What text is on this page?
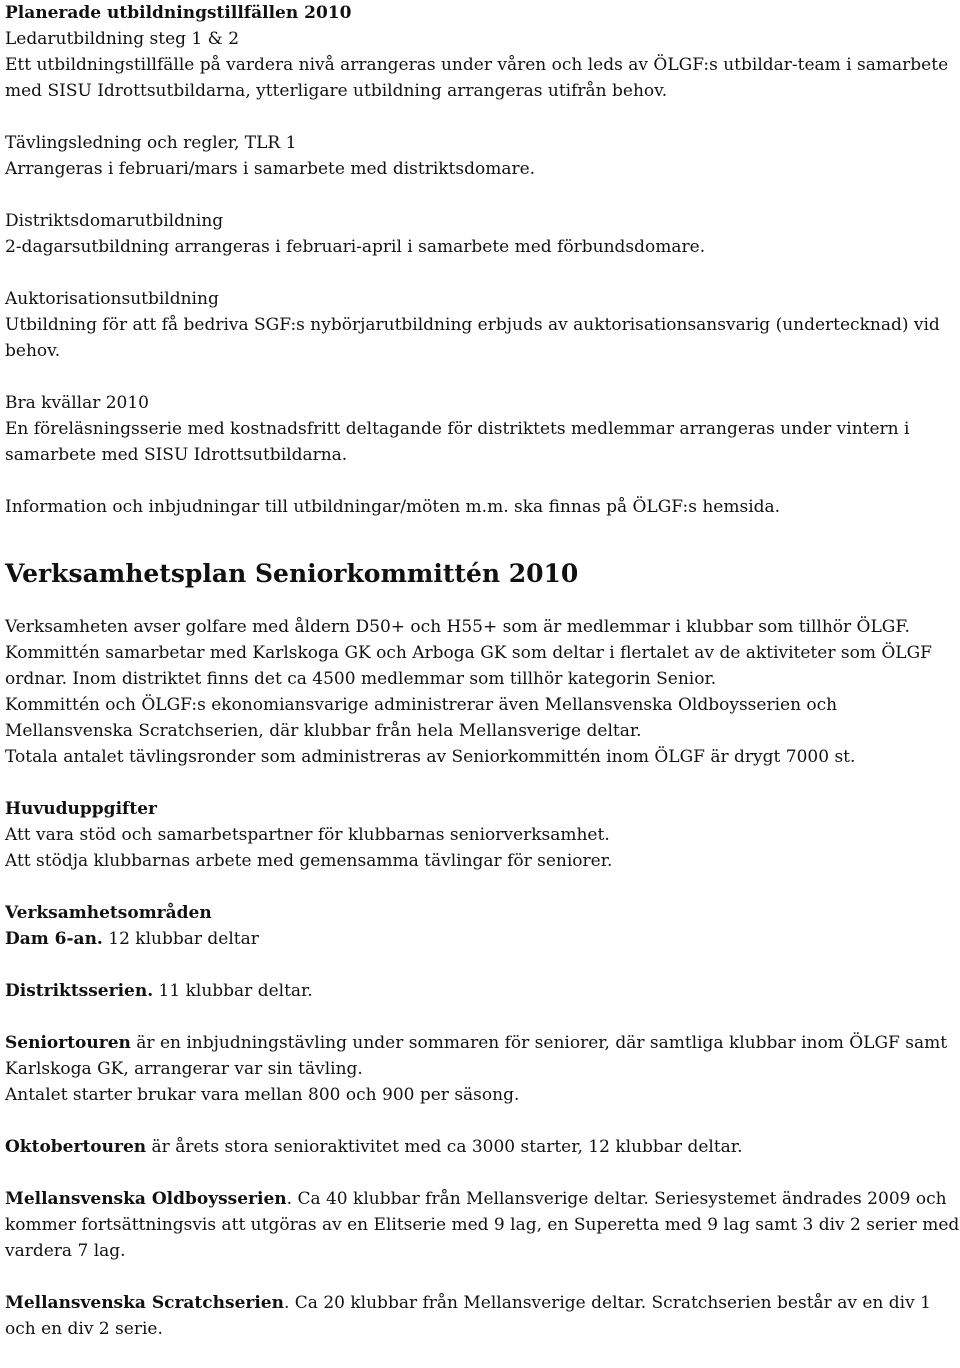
Planerade utbildningstillfällen 2010
Ledarutbildning steg 1 & 2
Ett utbildningstillfälle på vardera nivå arrangeras under våren och leds av ÖLGF:s utbildar-team i samarbete med SISU Idrottsutbildarna, ytterligare utbildning arrangeras utifrån behov.
Tävlingsledning och regler, TLR 1
Arrangeras i februari/mars i samarbete med distriktsdomare.
Distriktsdomarutbildning
2-dagarsutbildning arrangeras i februari-april i samarbete med förbundsdomare.
Auktorisationsutbildning
Utbildning för att få bedriva SGF:s nybörjarutbildning erbjuds av auktorisationsansvarig (undertecknad) vid behov.
Bra kvällar 2010
En föreläsningsserie med kostnadsfritt deltagande för distriktets medlemmar arrangeras under vintern i samarbete med SISU Idrottsutbildarna.
Information och inbjudningar till utbildningar/möten m.m. ska finnas på ÖLGF:s hemsida.
Verksamhetsplan Seniorkommittén 2010
Verksamheten avser golfare med åldern D50+ och H55+ som är medlemmar i klubbar som tillhör ÖLGF.
Kommittén samarbetar med Karlskoga GK och Arboga GK som deltar i flertalet av de aktiviteter som ÖLGF ordnar. Inom distriktet finns det ca 4500 medlemmar som tillhör kategorin Senior.
Kommittén och ÖLGF:s ekonomiansvarige administrerar även Mellansvenska Oldboysserien och Mellansvenska Scratchserien, där klubbar från hela Mellansverige deltar.
Totala antalet tävlingsronder som administreras av Seniorkommittén inom ÖLGF är drygt 7000 st.
Huvuduppgifter
Att vara stöd och samarbetspartner för klubbarnas seniorverksamhet.
Att stödja klubbarnas arbete med gemensamma tävlingar för seniorer.
Verksamhetsområden
Dam 6-an. 12 klubbar deltar
Distriktsserien. 11 klubbar deltar.
Seniortouren är en inbjudningstävling under sommaren för seniorer, där samtliga klubbar inom ÖLGF samt Karlskoga GK, arrangerar var sin tävling.
Antalet starter brukar vara mellan 800 och 900 per säsong.
Oktobertouren är årets stora senioraktivitet med ca 3000 starter, 12 klubbar deltar.
Mellansvenska Oldboysserien. Ca 40 klubbar från Mellansverige deltar. Seriesystemet ändrades 2009 och kommer fortsättningsvis att utgöras av en Elitserie med 9 lag, en Superetta med 9 lag samt 3 div 2 serier med vardera 7 lag.
Mellansvenska Scratchserien. Ca 20 klubbar från Mellansverige deltar. Scratchserien består av en div 1 och en div 2 serie.
